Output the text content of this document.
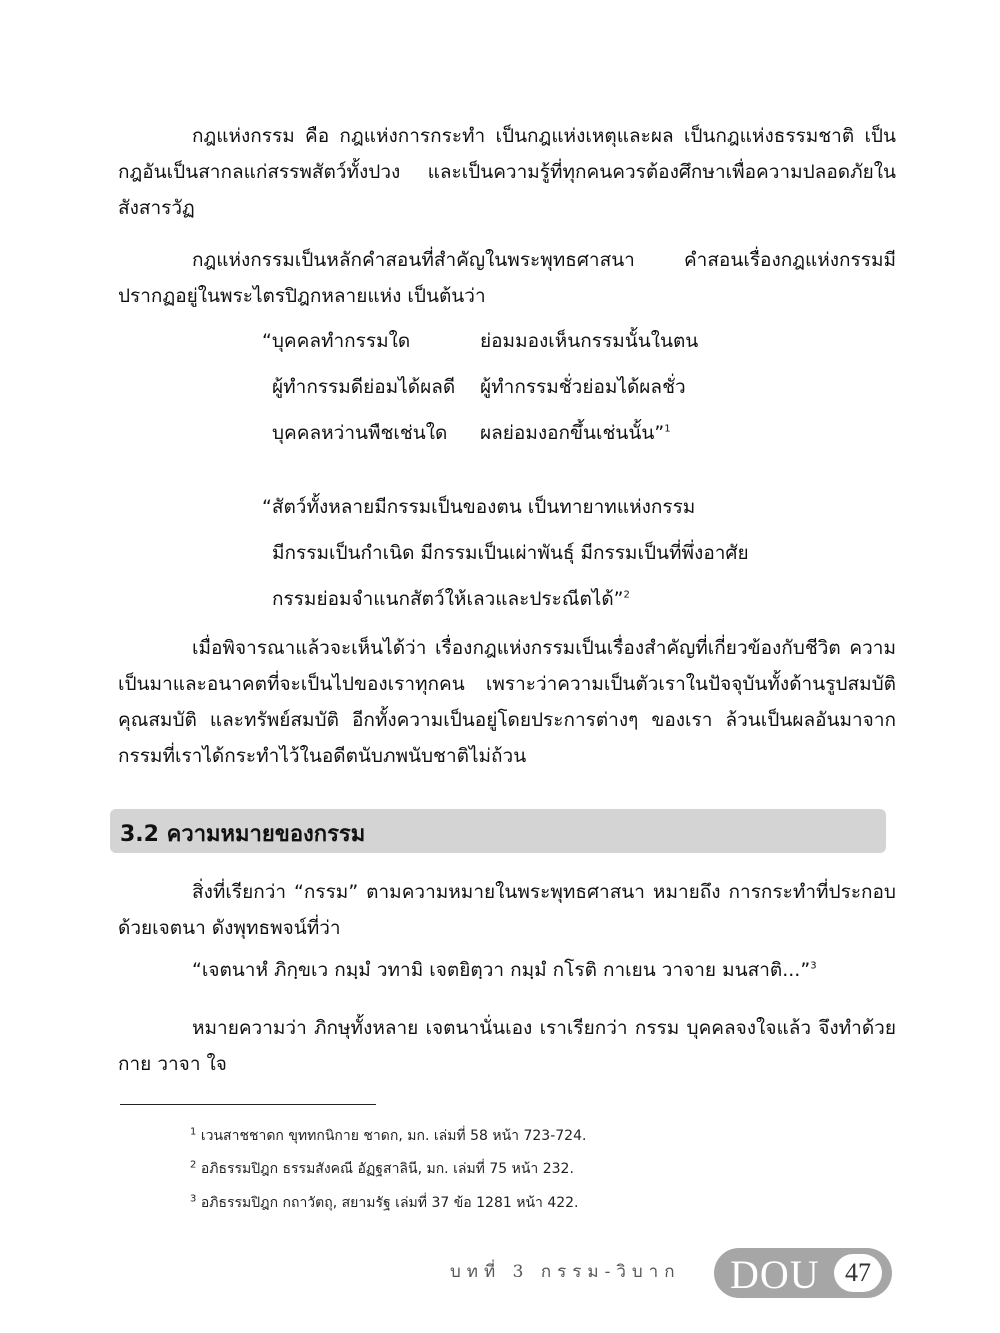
กฎแห่งกรรม คือ กฎแห่งการกระทำ เป็นกฎแห่งเหตุและผล เป็นกฎแห่งธรรมชาติ เป็นกฎอันเป็นสากลแก่สรรพสัตว์ทั้งปวง และเป็นความรู้ที่ทุกคนควรต้องศึกษาเพื่อความปลอดภัยในสังสารวัฏ

กฎแห่งกรรมเป็นหลักคำสอนที่สำคัญในพระพุทธศาสนา คำสอนเรื่องกฎแห่งกรรมมีปรากฏอยู่ในพระไตรปิฎกหลายแห่ง เป็นต้นว่า

“บุคคลทำกรรมใด	ย่อมมองเห็นกรรมนั้นในตน
ผู้ทำกรรมดีย่อมได้ผลดี	ผู้ทำกรรมชั่วย่อมได้ผลชั่ว
บุคคลหว่านพืชเช่นใด	ผลย่อมงอกขึ้นเช่นนั้น”$^1$
“สัตว์ทั้งหลายมีกรรมเป็นของตน เป็นทายาทแห่งกรรม
มีกรรมเป็นกำเนิด มีกรรมเป็นเผ่าพันธุ์ มีกรรมเป็นที่พึ่งอาศัย
กรรมย่อมจำแนกสัตว์ให้เลวและประณีตได้”$^2$

เมื่อพิจารณาแล้วจะเห็นได้ว่า เรื่องกฎแห่งกรรมเป็นเรื่องสำคัญที่เกี่ยวข้องกับชีวิต ความเป็นมาและอนาคตที่จะเป็นไปของเราทุกคน เพราะว่าความเป็นตัวเราในปัจจุบันทั้งด้านรูปสมบัติ คุณสมบัติ และทรัพย์สมบัติ อีกทั้งความเป็นอยู่โดยประการต่างๆ ของเรา ล้วนเป็นผลอันมาจากกรรมที่เราได้กระทำไว้ในอดีตนับภพนับชาติไม่ถ้วน

3.2 ความหมายของกรรม

สิ่งที่เรียกว่า “กรรม” ตามความหมายในพระพุทธศาสนา หมายถึง การกระทำที่ประกอบด้วยเจตนา ดังพุทธพจน์ที่ว่า

“เจตนาหํ ภิกฺขเว กมฺมํ วทามิ เจตยิตฺวา กมฺมํ กโรติ กาเยน วาจาย มนสาติ...”$^3$

หมายความว่า ภิกษุทั้งหลาย เจตนานั่นเอง เราเรียกว่า กรรม บุคคลจงใจแล้ว จึงทำด้วยกาย วาจา ใจ

$^1$ เวนสาชชาดก ขุททกนิกาย ชาดก, มก. เล่มที่ 58 หน้า 723-724.
$^2$ อภิธรรมปิฎก ธรรมสังคณี อัฏฐสาลินี, มก. เล่มที่ 75 หน้า 232.
$^3$ อภิธรรมปิฎก กถาวัตถุ, สยามรัฐ เล่มที่ 37 ข้อ 1281 หน้า 422.
บทที่ 3 กรรม-วิบาก DOU 47
